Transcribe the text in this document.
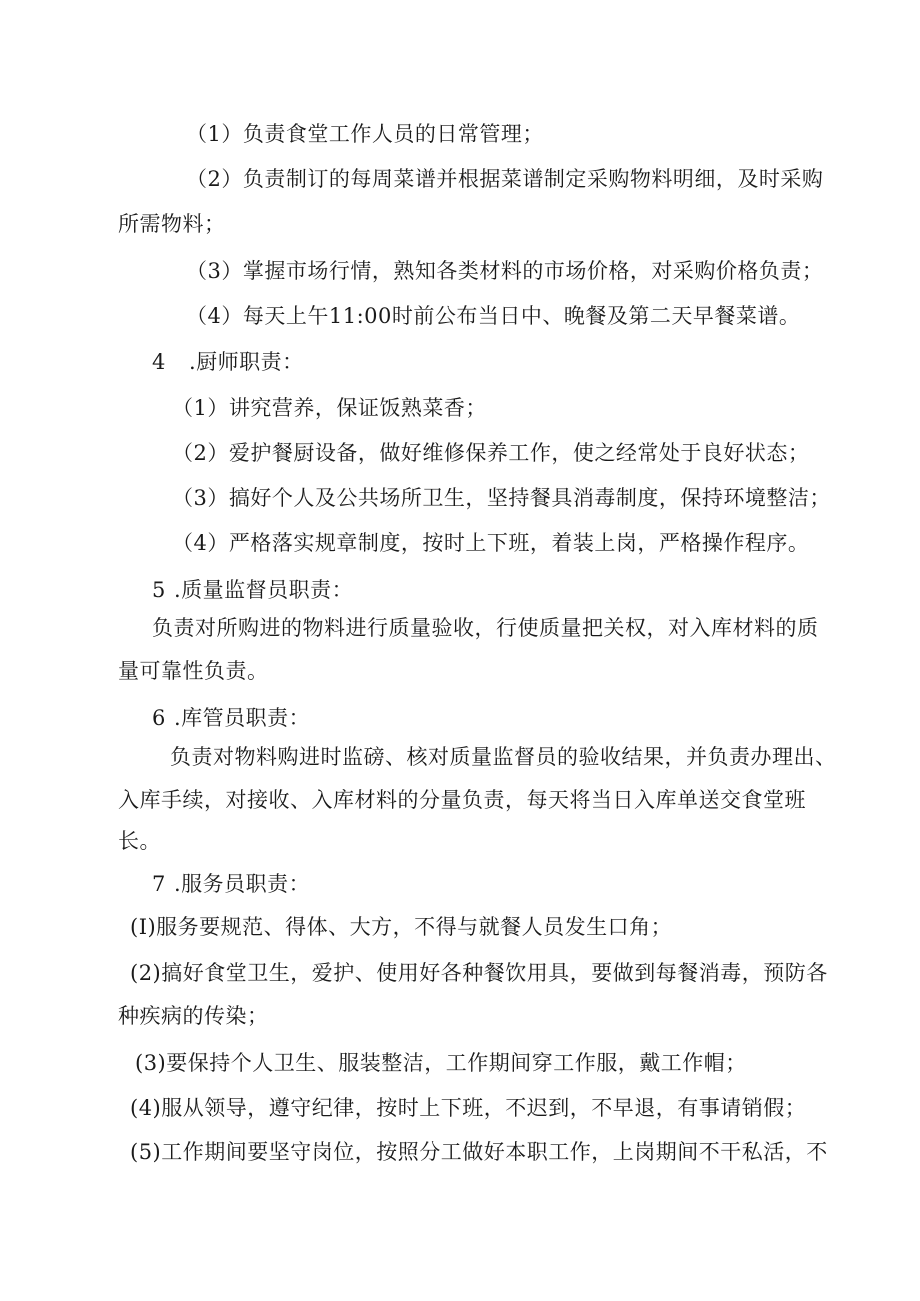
（1）负责食堂工作人员的日常管理；
（2）负责制订的每周菜谱并根据菜谱制定采购物料明细，及时采购
所需物料；
（3）掌握市场行情，熟知各类材料的市场价格，对采购价格负责；
（4）每天上午11:00时前公布当日中、晚餐及第二天早餐菜谱。
4 .厨师职责：
（1）讲究营养，保证饭熟菜香；
（2）爱护餐厨设备，做好维修保养工作，使之经常处于良好状态；
（3）搞好个人及公共场所卫生，坚持餐具消毒制度，保持环境整洁；
（4）严格落实规章制度，按时上下班，着装上岗，严格操作程序。
5 .质量监督员职责：
负责对所购进的物料进行质量验收，行使质量把关权，对入库材料的质
量可靠性负责。
6 .库管员职责：
负责对物料购进时监磅、核对质量监督员的验收结果，并负责办理出、
入库手续，对接收、入库材料的分量负责，每天将当日入库单送交食堂班
长。
7 .服务员职责：
(I)服务要规范、得体、大方，不得与就餐人员发生口角；
(2)搞好食堂卫生，爱护、使用好各种餐饮用具，要做到每餐消毒，预防各
种疾病的传染；
(3)要保持个人卫生、服装整洁，工作期间穿工作服，戴工作帽；
(4)服从领导，遵守纪律，按时上下班，不迟到，不早退，有事请销假；
(5)工作期间要坚守岗位，按照分工做好本职工作，上岗期间不干私活，不
